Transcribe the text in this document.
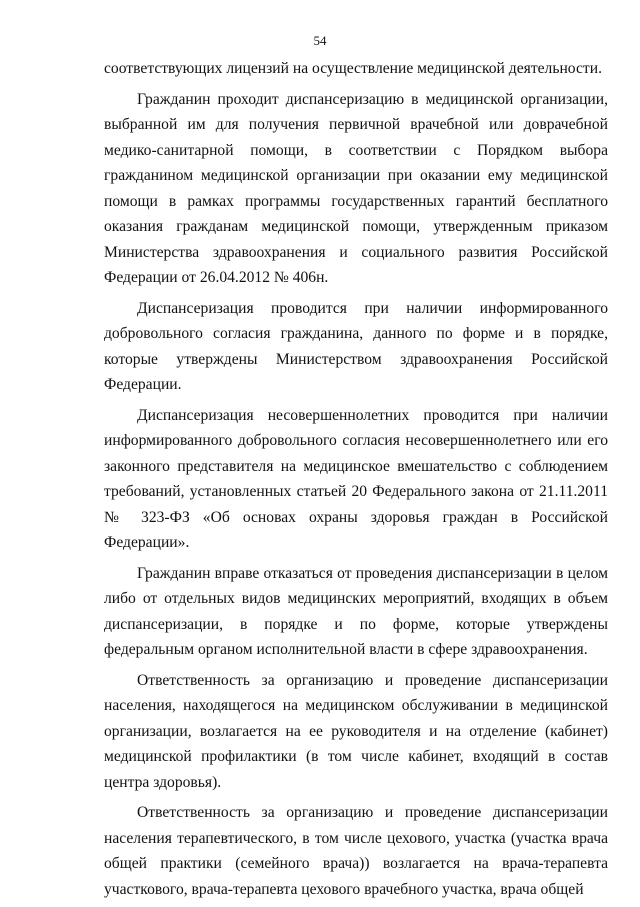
54

соответствующих лицензий на осуществление медицинской деятельности.

Гражданин проходит диспансеризацию в медицинской организации, выбранной им для получения первичной врачебной или доврачебной медико-санитарной помощи, в соответствии с Порядком выбора гражданином медицинской организации при оказании ему медицинской помощи в рамках программы государственных гарантий бесплатного оказания гражданам медицинской помощи, утвержденным приказом Министерства здравоохранения и социального развития Российской Федерации от 26.04.2012 № 406н.

Диспансеризация проводится при наличии информированного добровольного согласия гражданина, данного по форме и в порядке, которые утверждены Министерством здравоохранения Российской Федерации.

Диспансеризация несовершеннолетних проводится при наличии информированного добровольного согласия несовершеннолетнего или его законного представителя на медицинское вмешательство с соблюдением требований, установленных статьей 20 Федерального закона от 21.11.2011 № 323-ФЗ «Об основах охраны здоровья граждан в Российской Федерации».

Гражданин вправе отказаться от проведения диспансеризации в целом либо от отдельных видов медицинских мероприятий, входящих в объем диспансеризации, в порядке и по форме, которые утверждены федеральным органом исполнительной власти в сфере здравоохранения.

Ответственность за организацию и проведение диспансеризации населения, находящегося на медицинском обслуживании в медицинской организации, возлагается на ее руководителя и на отделение (кабинет) медицинской профилактики (в том числе кабинет, входящий в состав центра здоровья).

Ответственность за организацию и проведение диспансеризации населения терапевтического, в том числе цехового, участка (участка врача общей практики (семейного врача)) возлагается на врача-терапевта участкового, врача-терапевта цехового врачебного участка, врача общей
